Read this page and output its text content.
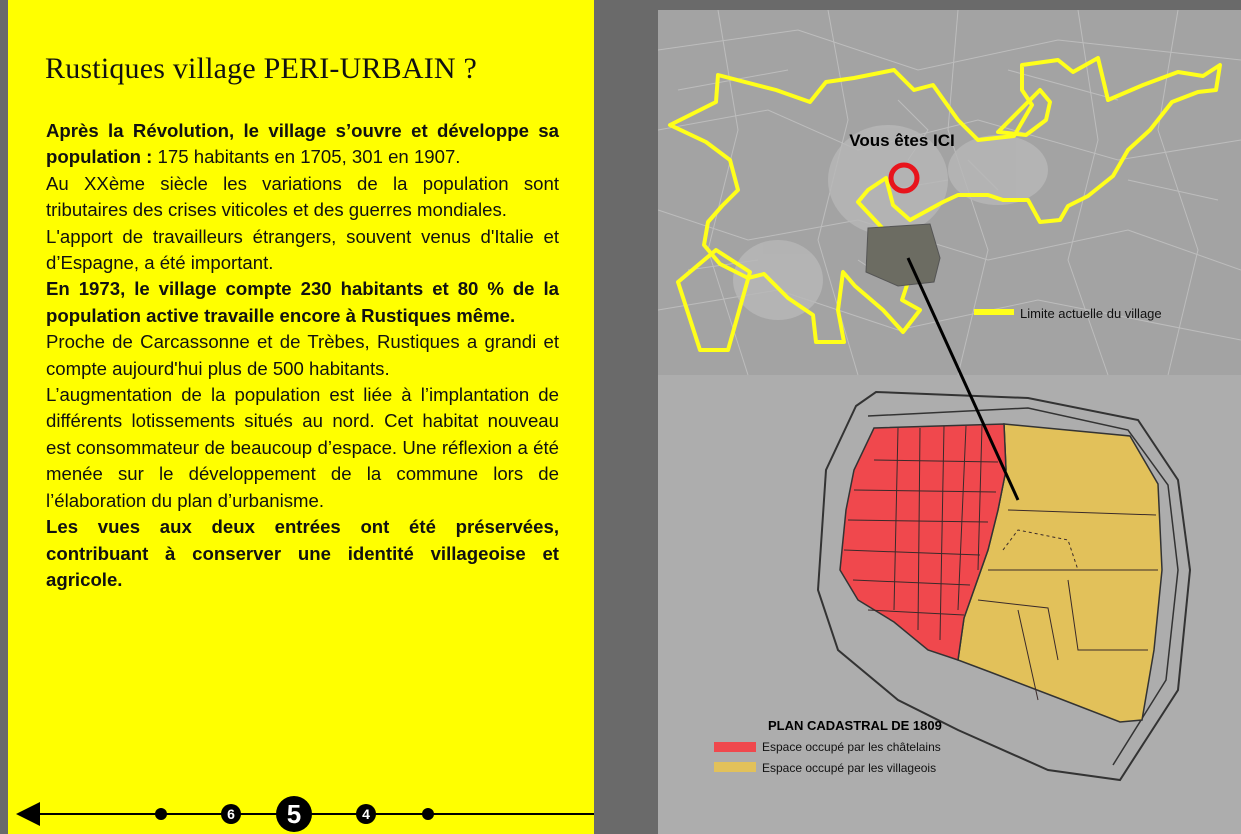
Rustiques village PERI-URBAIN ?

Après la Révolution, le village s’ouvre et développe sa population : 175 habitants en 1705, 301 en 1907.

Au XXème siècle les variations de la population sont tributaires des crises viticoles et des guerres mondiales.

L'apport de travailleurs étrangers, souvent venus d'Italie et d’Espagne, a été important.

En 1973, le village compte 230 habitants et 80 % de la population active travaille encore à Rustiques même.

Proche de Carcassonne et de Trèbes, Rustiques a grandi et compte aujourd'hui plus de 500 habitants.

L’augmentation de la population est liée à l’implantation de différents lotissements situés au nord. Cet habitat nouveau est consommateur de beaucoup d’espace. Une réflexion a été menée sur le développement de la commune lors de l’élaboration du plan d’urbanisme.

Les vues aux deux entrées ont été préservées, contribuant à conserver une identité villageoise et agricole.

6 5	4
Vous êtes ICI
Limite actuelle du village
PLAN CADASTRAL DE 1809
Espace occupé par les châtelains
Espace occupé par les villageois
